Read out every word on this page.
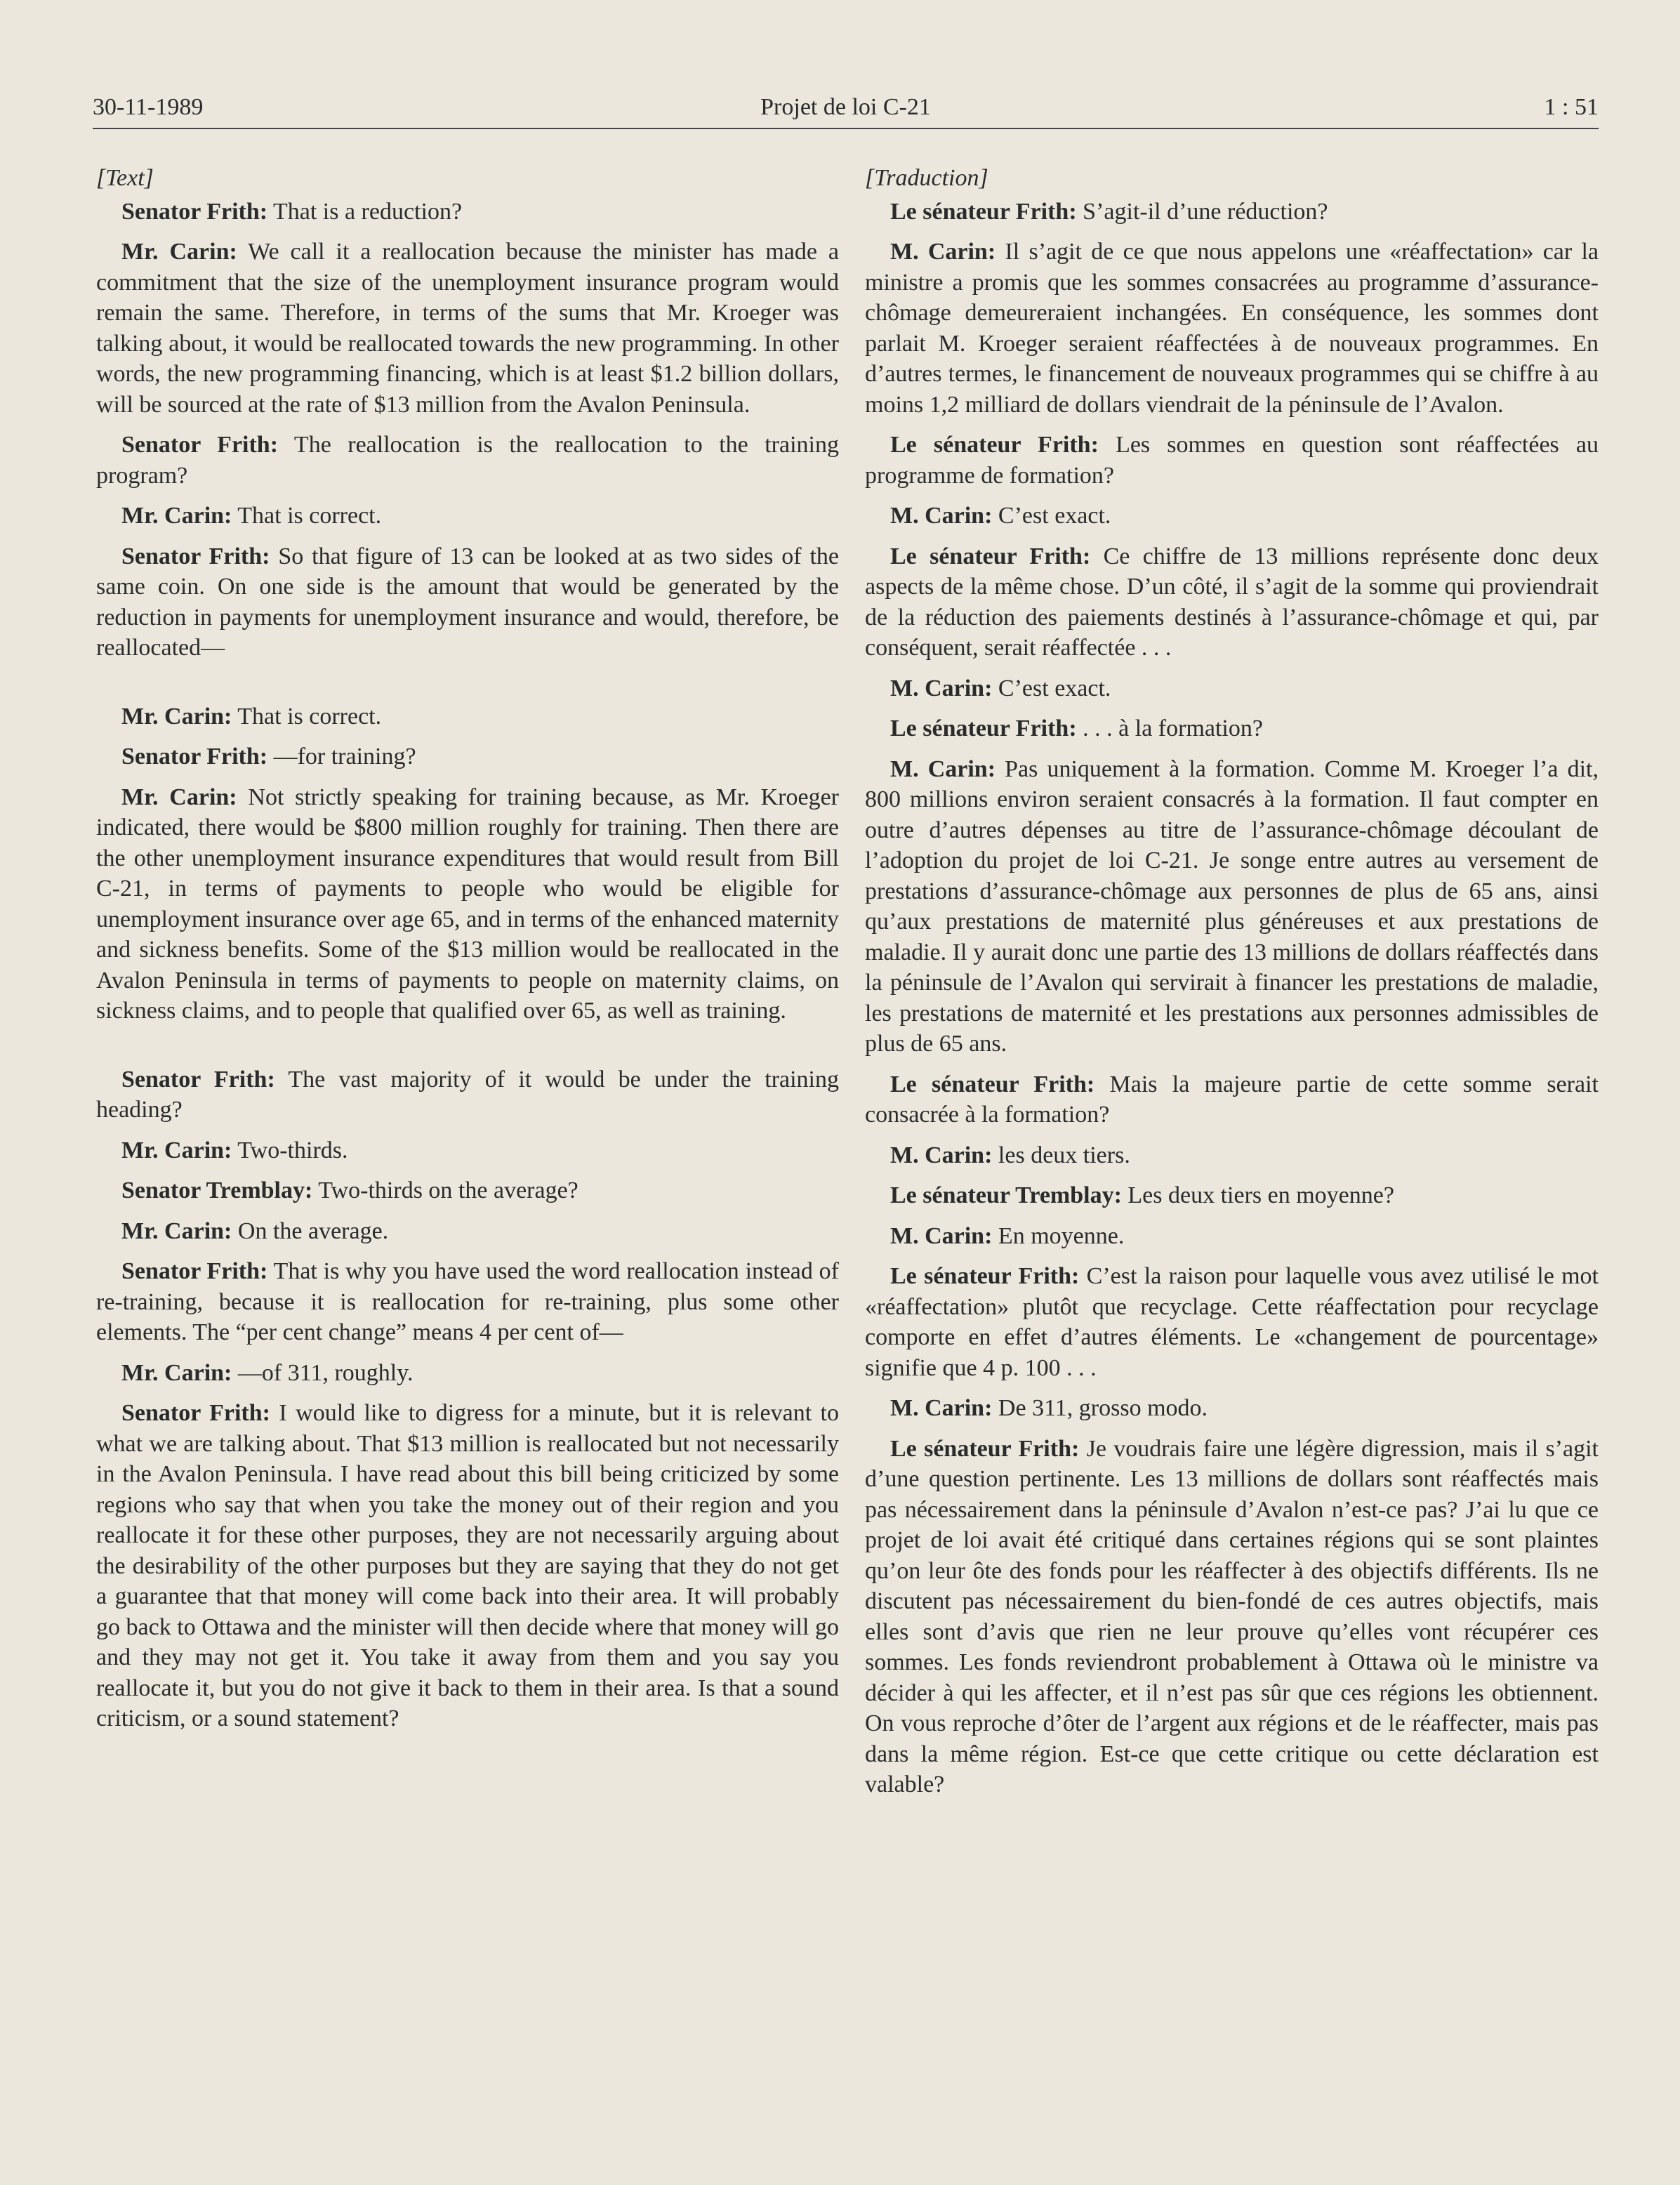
30-11-1989	Projet de loi C-21	1 : 51

[Text]

Senator Frith: That is a reduction?

Mr. Carin: We call it a reallocation because the minister has made a commitment that the size of the unemployment insurance program would remain the same. Therefore, in terms of the sums that Mr. Kroeger was talking about, it would be reallocated towards the new programming. In other words, the new programming financing, which is at least $1.2 billion dollars, will be sourced at the rate of $13 million from the Avalon Peninsula.

Senator Frith: The reallocation is the reallocation to the training program?

Mr. Carin: That is correct.

Senator Frith: So that figure of 13 can be looked at as two sides of the same coin. On one side is the amount that would be generated by the reduction in payments for unemployment insurance and would, therefore, be reallocated—

Mr. Carin: That is correct.

Senator Frith: —for training?

Mr. Carin: Not strictly speaking for training because, as Mr. Kroeger indicated, there would be $800 million roughly for training. Then there are the other unemployment insurance expenditures that would result from Bill C-21, in terms of payments to people who would be eligible for unemployment insurance over age 65, and in terms of the enhanced maternity and sickness benefits. Some of the $13 million would be reallocated in the Avalon Peninsula in terms of payments to people on maternity claims, on sickness claims, and to people that qualified over 65, as well as training.

Senator Frith: The vast majority of it would be under the training heading?

Mr. Carin: Two-thirds.

Senator Tremblay: Two-thirds on the average?

Mr. Carin: On the average.

Senator Frith: That is why you have used the word reallocation instead of re-training, because it is reallocation for re-training, plus some other elements. The “per cent change” means 4 per cent of—

Mr. Carin: —of 311, roughly.

Senator Frith: I would like to digress for a minute, but it is relevant to what we are talking about. That $13 million is reallocated but not necessarily in the Avalon Peninsula. I have read about this bill being criticized by some regions who say that when you take the money out of their region and you reallocate it for these other purposes, they are not necessarily arguing about the desirability of the other purposes but they are saying that they do not get a guarantee that that money will come back into their area. It will probably go back to Ottawa and the minister will then decide where that money will go and they may not get it. You take it away from them and you say you reallocate it, but you do not give it back to them in their area. Is that a sound criticism, or a sound statement?

[Traduction]

Le sénateur Frith: S’agit-il d’une réduction?

M. Carin: Il s’agit de ce que nous appelons une «réaffectation» car la ministre a promis que les sommes consacrées au programme d’assurance-chômage demeureraient inchangées. En conséquence, les sommes dont parlait M. Kroeger seraient réaffectées à de nouveaux programmes. En d’autres termes, le financement de nouveaux programmes qui se chiffre à au moins 1,2 milliard de dollars viendrait de la péninsule de l’Avalon.

Le sénateur Frith: Les sommes en question sont réaffectées au programme de formation?

M. Carin: C’est exact.

Le sénateur Frith: Ce chiffre de 13 millions représente donc deux aspects de la même chose. D’un côté, il s’agit de la somme qui proviendrait de la réduction des paiements destinés à l’assurance-chômage et qui, par conséquent, serait réaffectée . . .

M. Carin: C’est exact.

Le sénateur Frith: . . . à la formation?

M. Carin: Pas uniquement à la formation. Comme M. Kroeger l’a dit, 800 millions environ seraient consacrés à la formation. Il faut compter en outre d’autres dépenses au titre de l’assurance-chômage découlant de l’adoption du projet de loi C-21. Je songe entre autres au versement de prestations d’assurance-chômage aux personnes de plus de 65 ans, ainsi qu’aux prestations de maternité plus généreuses et aux prestations de maladie. Il y aurait donc une partie des 13 millions de dollars réaffectés dans la péninsule de l’Avalon qui servirait à financer les prestations de maladie, les prestations de maternité et les prestations aux personnes admissibles de plus de 65 ans.

Le sénateur Frith: Mais la majeure partie de cette somme serait consacrée à la formation?

M. Carin: les deux tiers.

Le sénateur Tremblay: Les deux tiers en moyenne?

M. Carin: En moyenne.

Le sénateur Frith: C’est la raison pour laquelle vous avez utilisé le mot «réaffectation» plutôt que recyclage. Cette réaffectation pour recyclage comporte en effet d’autres éléments. Le «changement de pourcentage» signifie que 4 p. 100 . . .

M. Carin: De 311, grosso modo.

Le sénateur Frith: Je voudrais faire une légère digression, mais il s’agit d’une question pertinente. Les 13 millions de dollars sont réaffectés mais pas nécessairement dans la péninsule d’Avalon n’est-ce pas? J’ai lu que ce projet de loi avait été critiqué dans certaines régions qui se sont plaintes qu’on leur ôte des fonds pour les réaffecter à des objectifs différents. Ils ne discutent pas nécessairement du bien-fondé de ces autres objectifs, mais elles sont d’avis que rien ne leur prouve qu’elles vont récupérer ces sommes. Les fonds reviendront probablement à Ottawa où le ministre va décider à qui les affecter, et il n’est pas sûr que ces régions les obtiennent. On vous reproche d’ôter de l’argent aux régions et de le réaffecter, mais pas dans la même région. Est-ce que cette critique ou cette déclaration est valable?
